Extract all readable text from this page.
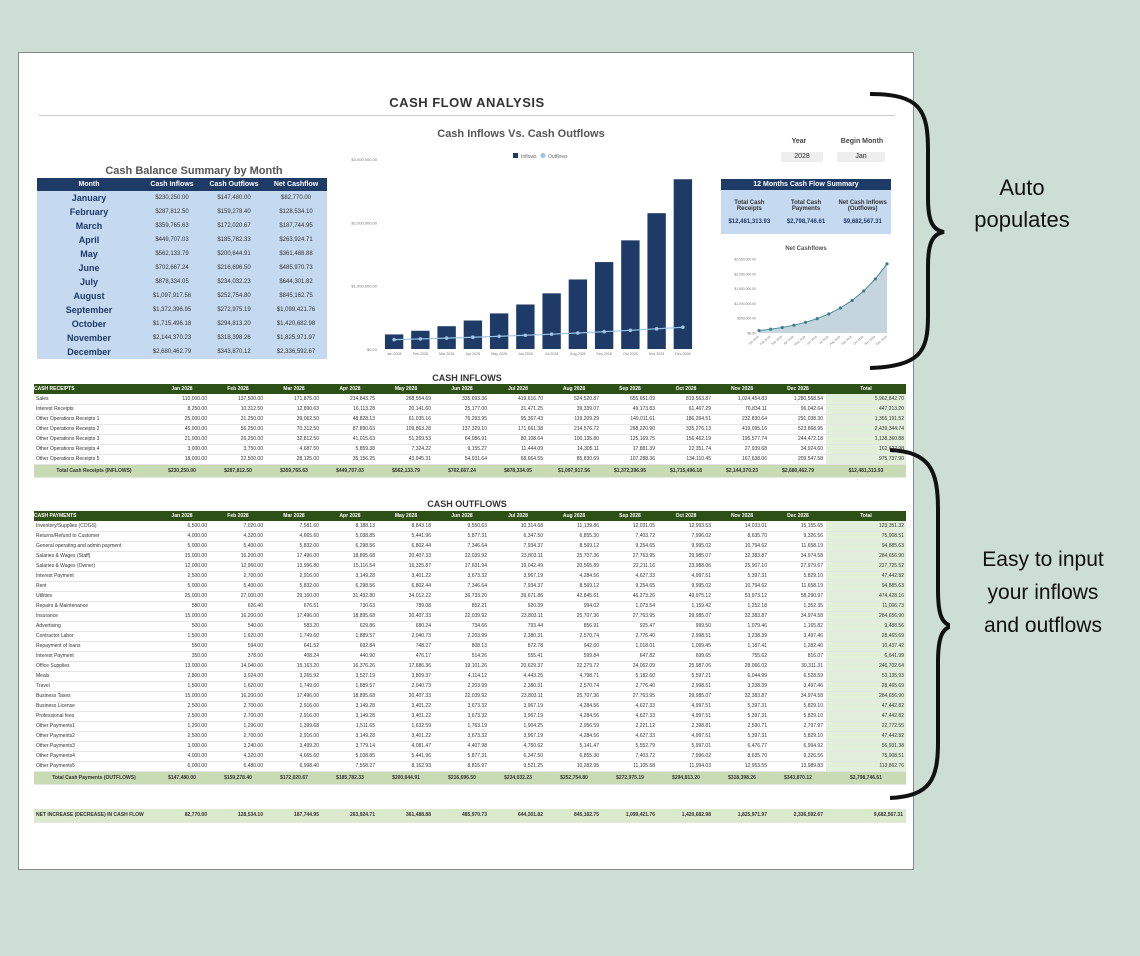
CASH FLOW ANALYSIS
Cash Balance Summary by Month
Month	Cash Inflows	Cash Outflows	Net Cashflow
January	$230,250.00	$147,480.00	$82,770.00
February	$287,812.50	$159,278.40	$128,534.10
March	$359,765.63	$172,020.67	$187,744.95
April	$449,707.03	$185,782.33	$263,924.71
May	$562,133.79	$200,644.91	$361,488.88
June	$702,667.24	$216,696.50	$485,970.73
July	$878,334.05	$234,032.23	$644,301.82
August	$1,097,917.56	$252,754.80	$845,162.75
September	$1,372,396.95	$272,975.19	$1,099,421.76
October	$1,715,496.18	$294,813.20	$1,420,682.98
November	$2,144,370.23	$318,398.26	$1,825,971.97
December	$2,680,462.79	$343,870.12	$2,336,592.67
Cash Inflows Vs. Cash Outflows
Inflows Outflows
$3,000,000.00
$2,000,000.00
$1,000,000.00
$0.00
Jan 2028	Feb 2028	Mar 2028	Apr 2028	May 2028	Jun 2028	Jul 2028	Aug 2028	Sep 2028	Oct 2028	Nov 2028	Dec 2028
Year	Begin Month
2028	Jan
12 Months Cash Flow Summary
Total Cash Receipts
$12,481,313.93
Total Cash Payments
$2,798,746.61
Net Cash Inflows (Outflows)
$9,682,567.31
Net Cashflows
$2,500,000.00
$2,000,000.00
$1,500,000.00
$1,000,000.00
$500,000.00
$0.00
Jan 2028 Feb 2028 Mar 2028 Apr 2028
May 2028 Jun 2028 Jul 2028 Aug 2028 Sep 2028 Oct 2028 Nov 2028 Dec 2028
CASH INFLOWS
CASH RECEIPTS	Jan 2028	Feb 2028	Mar 2028	Apr 2028	May 2028	Jun 2028	Jul 2028	Aug 2028	Sep 2028	Oct 2028	Nov 2028	Dec 2028	Total
Sales	110,000.00	137,500.00	171,875.00	214,843.75	268,554.69	335,693.36	419,616.70	524,520.87	655,651.09	819,563.87	1,024,454.83	1,280,568.54	5,962,842.70
Interest Receipts	8,250.00	10,312.50	12,890.63	16,113.28	20,141.60	25,177.00	31,471.25	39,339.07	49,173.83	61,467.29	76,834.11	96,042.64	447,213.20
Other Operations Receipts 1	25,000.00	31,250.00	39,062.50	48,828.13	61,035.16	76,293.95	95,367.43	119,209.29	149,011.61	186,264.51	232,830.64	291,038.30	1,355,191.52
Other Operations Receipts 2	45,000.00	56,250.00	70,312.50	87,890.63	109,863.28	137,329.10	171,661.38	214,576.72	268,220.90	335,276.13	419,095.16	523,868.95	2,439,344.74
Other Operations Receipts 3	21,000.00	26,250.00	32,812.50	41,015.63	51,269.53	64,086.91	80,108.64	100,135.80	125,169.75	156,462.19	195,577.74	244,472.18	1,138,360.88
Other Operations Receipts 4	3,000.00	3,750.00	4,687.50	5,859.38	7,324.22	9,155.27	11,444.09	14,305.11	17,881.39	22,351.74	27,939.68	34,924.60	162,622.98
Other Operations Receipts 5	18,000.00	22,500.00	28,125.00	35,156.25	43,945.31	54,931.64	68,664.55	85,830.69	107,288.36	134,110.45	167,638.06	209,547.58	975,737.90
Total Cash Receipts (INFLOWS)	$230,250.00	$287,812.50	$359,765.63	$449,707.03	$562,133.79	$702,667.24	$878,334.05	$1,097,917.56	$1,372,396.95	$1,715,496.18	$2,144,370.23	$2,680,462.79	$12,481,313.93
CASH OUTFLOWS
CASH PAYMENTS	Jan 2028	Feb 2028	Mar 2028	Apr 2028	May 2028	Jun 2028	Jul 2028	Aug 2028	Sep 2028	Oct 2028	Nov 2028	Dec 2028	Total
Inventory/Supplies (COGS)	6,500.00	7,020.00	7,581.60	8,188.13	8,843.18	9,550.63	10,314.68	11,139.86	12,031.05	12,993.53	14,033.01	15,155.65	123,351.32
Returns/Refund to Customer	4,000.00	4,320.00	4,665.60	5,038.85	5,441.96	5,877.31	6,347.50	6,855.30	7,403.72	7,996.02	8,635.70	9,326.56	75,908.51
General operating and admin payment	5,000.00	5,400.00	5,832.00	6,298.56	6,802.44	7,346.64	7,934.37	8,569.12	9,254.65	9,995.02	10,794.62	11,658.19	94,885.63
Salaries & Wages (Staff)	15,000.00	16,200.00	17,496.00	18,895.68	20,407.33	22,039.92	23,803.11	25,707.36	27,763.95	29,985.07	32,383.87	34,974.58	284,656.90
Salaries & Wages (Owner)	12,000.00	12,960.00	13,996.80	15,116.54	16,325.87	17,631.94	19,042.49	20,565.89	22,211.16	23,988.06	25,907.10	27,979.67	227,725.52
Interest Payment	2,500.00	2,700.00	2,916.00	3,149.28	3,401.22	3,673.32	3,967.19	4,284.56	4,627.33	4,997.51	5,397.31	5,829.10	47,442.82
Rent	5,000.00	5,400.00	5,832.00	6,298.56	6,802.44	7,346.64	7,934.37	8,569.12	9,254.65	9,995.02	10,794.62	11,658.19	94,885.63
Utilities	25,000.00	27,000.00	29,160.00	31,492.80	34,012.22	36,733.20	39,671.86	42,845.61	46,273.26	49,975.12	53,973.12	58,290.97	474,428.16
Repairs & Maintenance	580.00	626.40	676.51	730.63	789.08	852.21	920.39	994.02	1,073.54	1,159.42	1,252.18	1,352.35	11,006.73
Insurance	15,000.00	16,200.00	17,496.00	18,895.68	20,407.33	22,039.92	23,803.11	25,707.36	27,763.95	29,985.07	32,383.87	34,974.58	284,656.90
Advertising	500.00	540.00	583.20	629.86	680.24	734.66	793.44	856.91	925.47	999.50	1,079.46	1,165.82	9,488.56
Contractor Labor	1,500.00	1,620.00	1,749.60	1,889.57	2,040.73	2,203.99	2,380.31	2,570.74	2,776.40	2,998.51	3,238.39	3,497.46	28,465.69
Repayment of loans	550.00	594.00	641.52	692.84	748.27	808.13	872.78	942.60	1,018.01	1,099.45	1,187.41	1,282.40	10,437.42
Interest Payment	350.00	378.00	408.24	440.90	476.17	514.26	555.41	599.84	647.82	699.65	755.62	816.07	6,641.99
Office Supplies	13,000.00	14,040.00	15,163.20	16,376.26	17,686.36	19,101.26	20,629.37	22,279.72	24,062.09	25,987.06	28,066.02	30,311.31	246,702.64
Meals	2,800.00	3,024.00	3,265.92	3,527.19	3,809.37	4,114.12	4,443.25	4,798.71	5,182.60	5,597.21	6,044.99	6,528.59	53,135.93
Travel	1,500.00	1,620.00	1,749.60	1,889.57	2,040.73	2,203.99	2,380.31	2,570.74	2,776.40	2,998.51	3,238.39	3,497.46	28,465.69
Business Taxes	15,000.00	16,200.00	17,496.00	18,895.68	20,407.33	22,039.92	23,803.11	25,707.36	27,763.95	29,985.07	32,383.87	34,974.58	284,656.90
Business License	2,500.00	2,700.00	2,916.00	3,149.28	3,401.22	3,673.32	3,967.19	4,284.56	4,627.33	4,997.51	5,397.31	5,829.10	47,442.82
Professional fees	2,500.00	2,700.00	2,916.00	3,149.28	3,401.22	3,673.32	3,967.19	4,284.56	4,627.33	4,997.51	5,397.31	5,829.10	47,442.82
Other Payments1	1,200.00	1,296.00	1,399.68	1,511.65	1,632.59	1,763.19	1,904.25	2,056.59	2,221.12	2,398.81	2,590.71	2,797.97	22,772.55
Other Payments2	2,500.00	2,700.00	2,916.00	3,149.28	3,401.22	3,673.32	3,967.19	4,284.56	4,627.33	4,997.51	5,397.31	5,829.10	47,442.82
Other Payments3	3,000.00	3,240.00	3,499.20	3,779.14	4,081.47	4,407.98	4,760.62	5,141.47	5,552.79	5,997.01	6,476.77	6,994.92	56,931.38
Other Payments4	4,000.00	4,320.00	4,665.60	5,038.85	5,441.96	5,877.31	6,347.50	6,855.30	7,403.72	7,996.02	8,635.70	9,326.56	75,908.51
Other Payments5	6,000.00	6,480.00	6,998.40	7,558.27	8,162.93	8,815.97	9,521.25	10,282.95	11,105.58	11,994.03	12,953.55	13,989.83	113,862.76
Total Cash Payments (OUTFLOWS)	$147,480.00	$159,278.40	$172,020.67	$185,782.33	$200,644.91	$216,696.50	$234,032.23	$252,754.80	$272,975.19	$294,813.20	$318,398.26	$343,870.12	$2,798,746.61
NET INCREASE (DECREASE) IN CASH FLOW	82,770.00	128,534.10	187,744.95	263,924.71	361,488.88	485,970.73	644,301.82	845,162.75	1,099,421.76	1,420,682.98	1,825,971.97	2,336,592.67	9,682,567.31
Auto
populates
Easy to input
your inflows
and outflows
